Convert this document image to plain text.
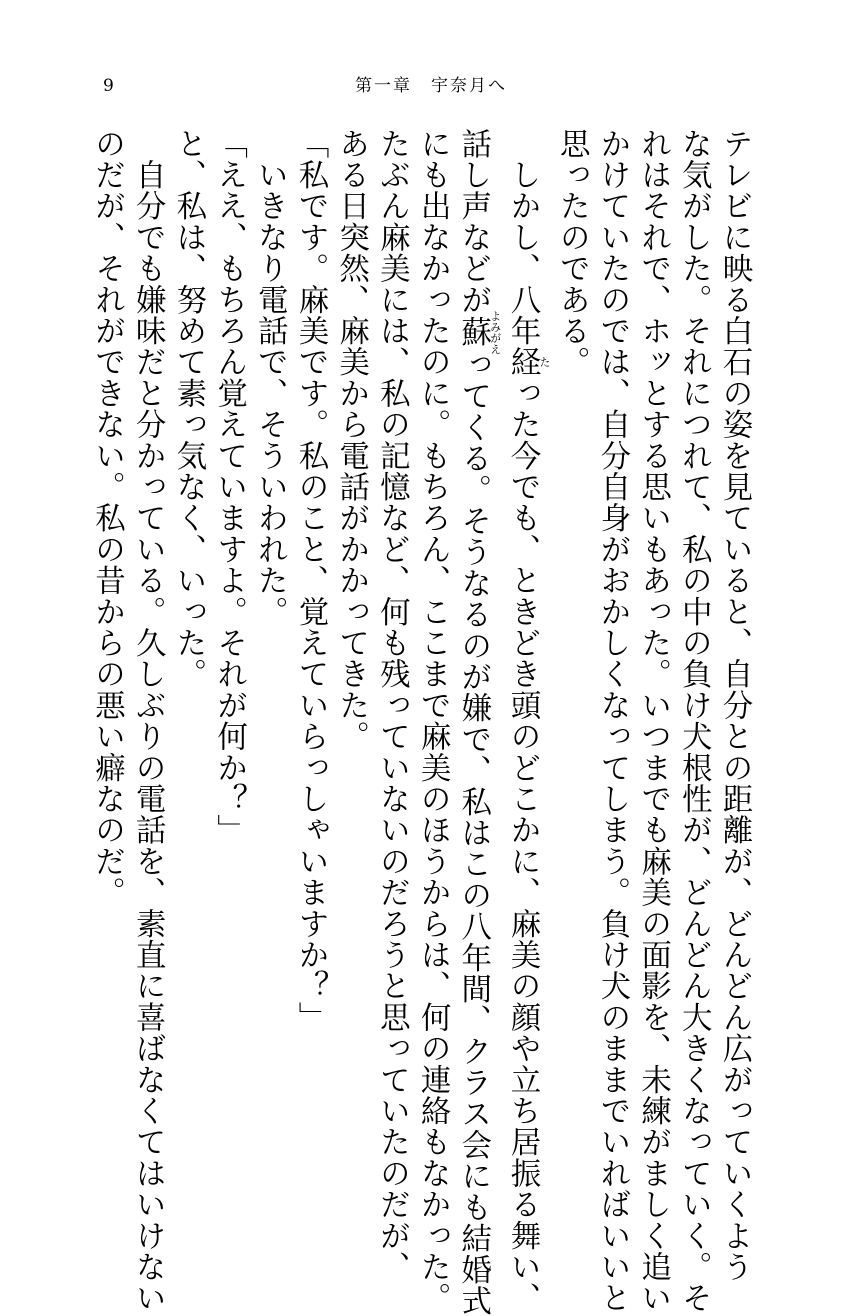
9	第一章　宇奈月へ
テレビに映る白石の姿を見ていると、自分との距離が、どんどん広がっていくよう
な気がした。それにつれて、私の中の負け犬根性が、どんどん大きくなっていく。そ
れはそれで、ホッとする思いもあった。いつまでも麻美の面影を、未練がましく追い
かけていたのでは、自分自身がおかしくなってしまう。負け犬のままでいればいいと
思ったのである。
　しかし、八年経たった今でも、ときどき頭のどこかに、麻美の顔や立ち居振る舞い、
話し声などが蘇よみがえってくる。そうなるのが嫌で、私はこの八年間、クラス会にも結婚式
にも出なかったのに。もちろん、ここまで麻美のほうからは、何の連絡もなかった。
たぶん麻美には、私の記憶など、何も残っていないのだろうと思っていたのだが、
ある日突然、麻美から電話がかかってきた。
「私です。麻美です。私のこと、覚えていらっしゃいますか？」
　いきなり電話で、そういわれた。
「ええ、もちろん覚えていますよ。それが何か？」
と、私は、努めて素っ気なく、いった。
　自分でも嫌味だと分かっている。久しぶりの電話を、素直に喜ばなくてはいけない
のだが、それができない。私の昔からの悪い癖なのだ。
